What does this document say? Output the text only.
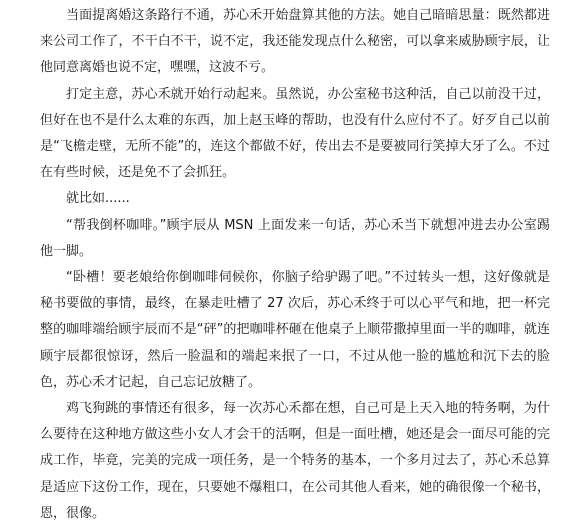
当面提离婚这条路行不通，苏心禾开始盘算其他的方法。她自己暗暗思量：既然都进来公司工作了，不干白不干，说不定，我还能发现点什么秘密，可以拿来威胁顾宇辰，让他同意离婚也说不定，嘿嘿，这波不亏。

打定主意，苏心禾就开始行动起来。虽然说，办公室秘书这种活，自己以前没干过，但好在也不是什么太难的东西，加上赵玉峰的帮助，也没有什么应付不了。好歹自己以前是“飞檐走壁，无所不能”的，连这个都做不好，传出去不是要被同行笑掉大牙了么。不过在有些时候，还是免不了会抓狂。

就比如......

“帮我倒杯咖啡。”顾宇辰从 MSN 上面发来一句话，苏心禾当下就想冲进去办公室踢他一脚。

“卧槽！要老娘给你倒咖啡伺候你，你脑子给驴踢了吧。”不过转头一想，这好像就是秘书要做的事情，最终，在暴走吐槽了 27 次后，苏心禾终于可以心平气和地，把一杯完整的咖啡端给顾宇辰而不是“砰”的把咖啡杯砸在他桌子上顺带撒掉里面一半的咖啡，就连顾宇辰都很惊讶，然后一脸温和的端起来抿了一口，不过从他一脸的尴尬和沉下去的脸色，苏心禾才记起，自己忘记放糖了。

鸡飞狗跳的事情还有很多，每一次苏心禾都在想，自己可是上天入地的特务啊，为什么要待在这种地方做这些小女人才会干的活啊，但是一面吐槽，她还是会一面尽可能的完成工作，毕竟，完美的完成一项任务，是一个特务的基本，一个多月过去了，苏心禾总算是适应下这份工作，现在，只要她不爆粗口，在公司其他人看来，她的确很像一个秘书，恩，很像。
